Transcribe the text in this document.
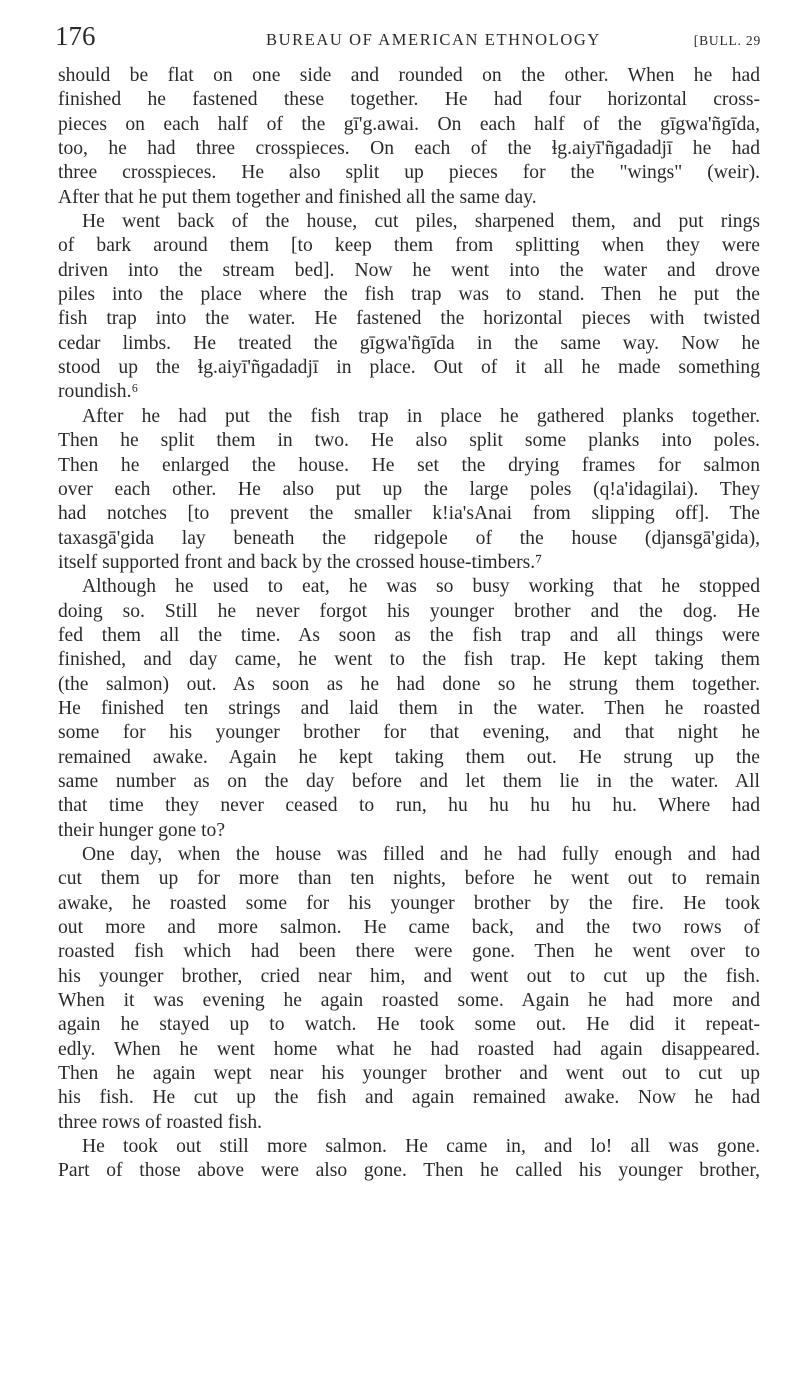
176	BUREAU OF AMERICAN ETHNOLOGY	[BULL. 29
should be flat on one side and rounded on the other. When he had
finished he fastened these together. He had four horizontal cross-
pieces on each half of the gī'g.awai. On each half of the gīgwa'ñgīda,
too, he had three crosspieces. On each of the ɬg.aiyī'ñgadadjī he had
three crosspieces. He also split up pieces for the "wings" (weir).
After that he put them together and finished all the same day.
He went back of the house, cut piles, sharpened them, and put rings
of bark around them [to keep them from splitting when they were
driven into the stream bed]. Now he went into the water and drove
piles into the place where the fish trap was to stand. Then he put the
fish trap into the water. He fastened the horizontal pieces with twisted
cedar limbs. He treated the gīgwa'ñgīda in the same way. Now he
stood up the ɬg.aiyī'ñgadadjī in place. Out of it all he made something
roundish.⁶
After he had put the fish trap in place he gathered planks together.
Then he split them in two. He also split some planks into poles.
Then he enlarged the house. He set the drying frames for salmon
over each other. He also put up the large poles (q!a'idagilai). They
had notches [to prevent the smaller k!ia'sAnai from slipping off]. The
taxasgā'gida lay beneath the ridgepole of the house (djansgā'gida),
itself supported front and back by the crossed house-timbers.⁷
Although he used to eat, he was so busy working that he stopped
doing so. Still he never forgot his younger brother and the dog. He
fed them all the time. As soon as the fish trap and all things were
finished, and day came, he went to the fish trap. He kept taking them
(the salmon) out. As soon as he had done so he strung them together.
He finished ten strings and laid them in the water. Then he roasted
some for his younger brother for that evening, and that night he
remained awake. Again he kept taking them out. He strung up the
same number as on the day before and let them lie in the water. All
that time they never ceased to run, hu hu hu hu hu. Where had
their hunger gone to?
One day, when the house was filled and he had fully enough and had
cut them up for more than ten nights, before he went out to remain
awake, he roasted some for his younger brother by the fire. He took
out more and more salmon. He came back, and the two rows of
roasted fish which had been there were gone. Then he went over to
his younger brother, cried near him, and went out to cut up the fish.
When it was evening he again roasted some. Again he had more and
again he stayed up to watch. He took some out. He did it repeat-
edly. When he went home what he had roasted had again disappeared.
Then he again wept near his younger brother and went out to cut up
his fish. He cut up the fish and again remained awake. Now he had
three rows of roasted fish.
He took out still more salmon. He came in, and lo! all was gone.
Part of those above were also gone. Then he called his younger brother,
